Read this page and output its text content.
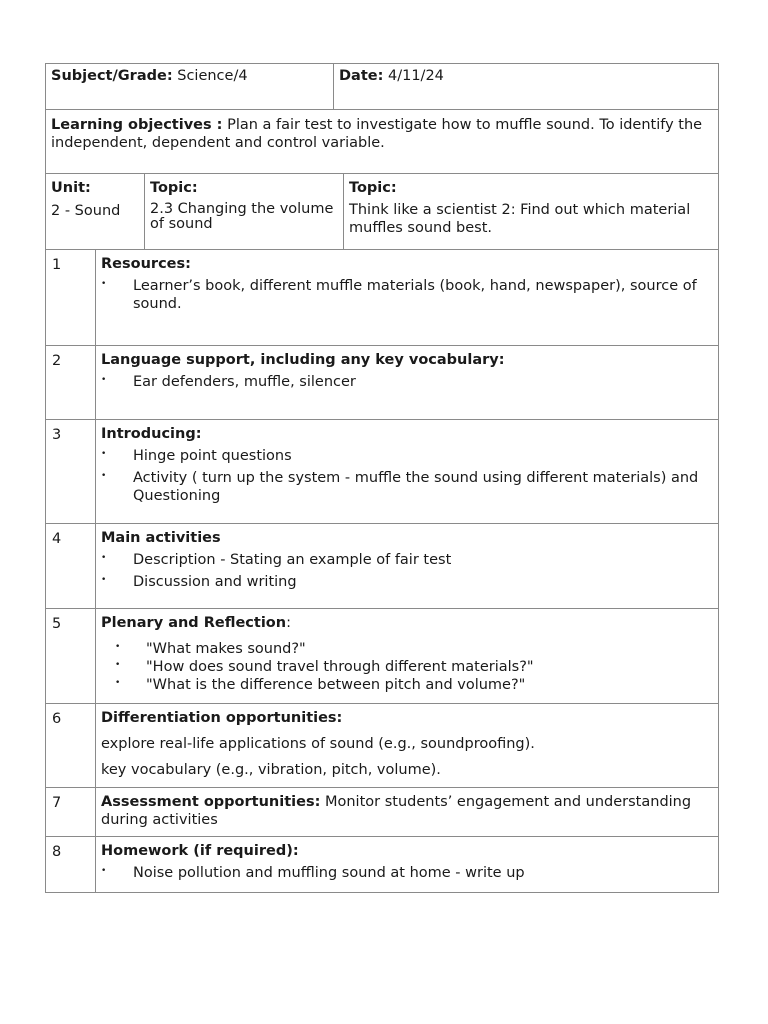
Subject/Grade: Science/4	Date: 4/11/24
Learning objectives : Plan a fair test to investigate how to muffle sound. To identify the independent, dependent and control variable.
Unit:
2 - Sound
Topic:
2.3 Changing the volume of sound
Topic:
Think like a scientist 2: Find out which material muffles sound best.
1	Resources:
• Learner’s book, different muffle materials (book, hand, newspaper), source of sound.
2	Language support, including any key vocabulary:
• Ear defenders, muffle, silencer
3	Introducing:
• Hinge point questions
• Activity ( turn up the system - muffle the sound using different materials) and Questioning
4	Main activities
• Description - Stating an example of fair test
• Discussion and writing
5	Plenary and Reflection:
• "What makes sound?"
• "How does sound travel through different materials?"
• "What is the difference between pitch and volume?"
6	Differentiation opportunities:
explore real-life applications of sound (e.g., soundproofing).
key vocabulary (e.g., vibration, pitch, volume).
7	Assessment opportunities: Monitor students’ engagement and understanding during activities
8	Homework (if required):
• Noise pollution and muffling sound at home - write up
